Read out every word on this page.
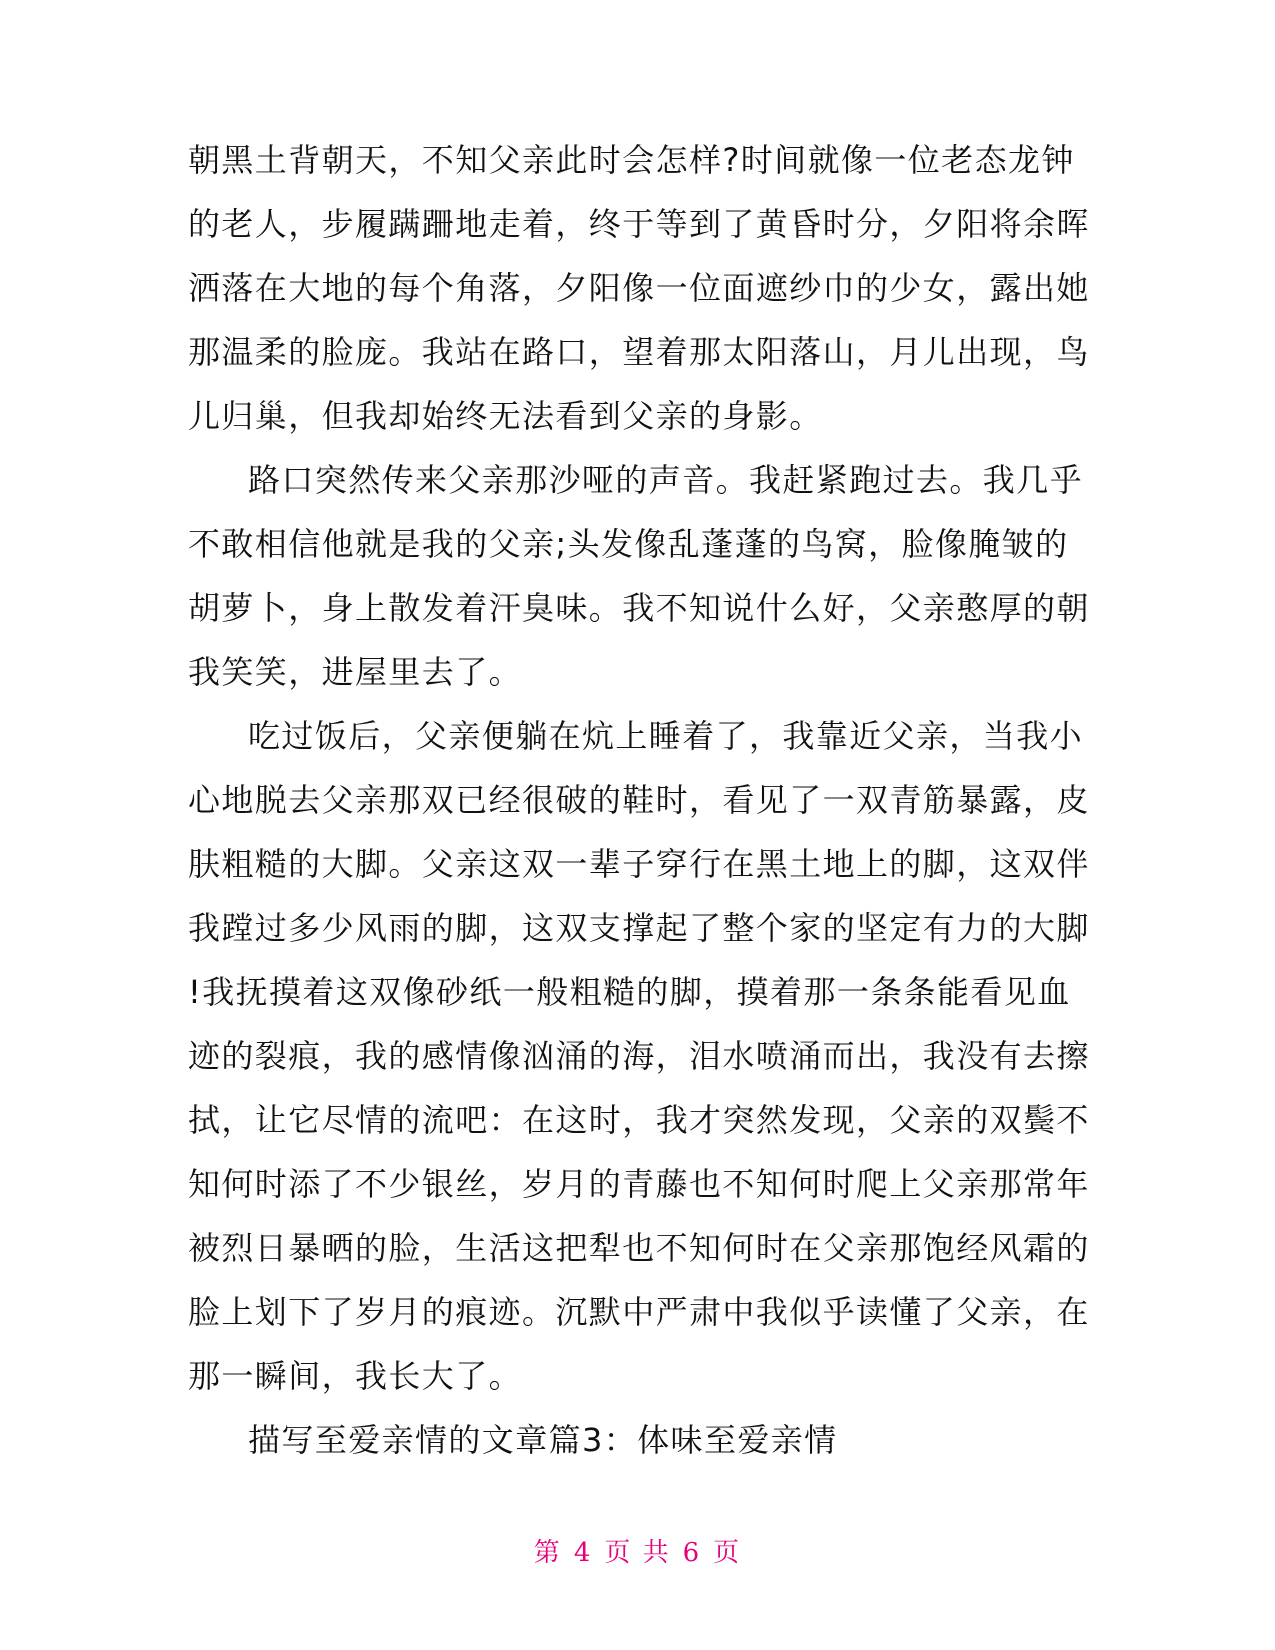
朝黑土背朝天，不知父亲此时会怎样?时间就像一位老态龙钟
的老人，步履蹒跚地走着，终于等到了黄昏时分，夕阳将余晖
洒落在大地的每个角落，夕阳像一位面遮纱巾的少女，露出她
那温柔的脸庞。我站在路口，望着那太阳落山，月儿出现，鸟
儿归巢，但我却始终无法看到父亲的身影。
路口突然传来父亲那沙哑的声音。我赶紧跑过去。我几乎
不敢相信他就是我的父亲;头发像乱蓬蓬的鸟窝，脸像腌皱的
胡萝卜，身上散发着汗臭味。我不知说什么好，父亲憨厚的朝
我笑笑，进屋里去了。
吃过饭后，父亲便躺在炕上睡着了，我靠近父亲，当我小
心地脱去父亲那双已经很破的鞋时，看见了一双青筋暴露，皮
肤粗糙的大脚。父亲这双一辈子穿行在黑土地上的脚，这双伴
我蹚过多少风雨的脚，这双支撑起了整个家的坚定有力的大脚
!我抚摸着这双像砂纸一般粗糙的脚，摸着那一条条能看见血
迹的裂痕，我的感情像汹涌的海，泪水喷涌而出，我没有去擦
拭，让它尽情的流吧：在这时，我才突然发现，父亲的双鬓不
知何时添了不少银丝，岁月的青藤也不知何时爬上父亲那常年
被烈日暴晒的脸，生活这把犁也不知何时在父亲那饱经风霜的
脸上划下了岁月的痕迹。沉默中严肃中我似乎读懂了父亲，在
那一瞬间，我长大了。
描写至爱亲情的文章篇3：体味至爱亲情
第 4 页 共 6 页
